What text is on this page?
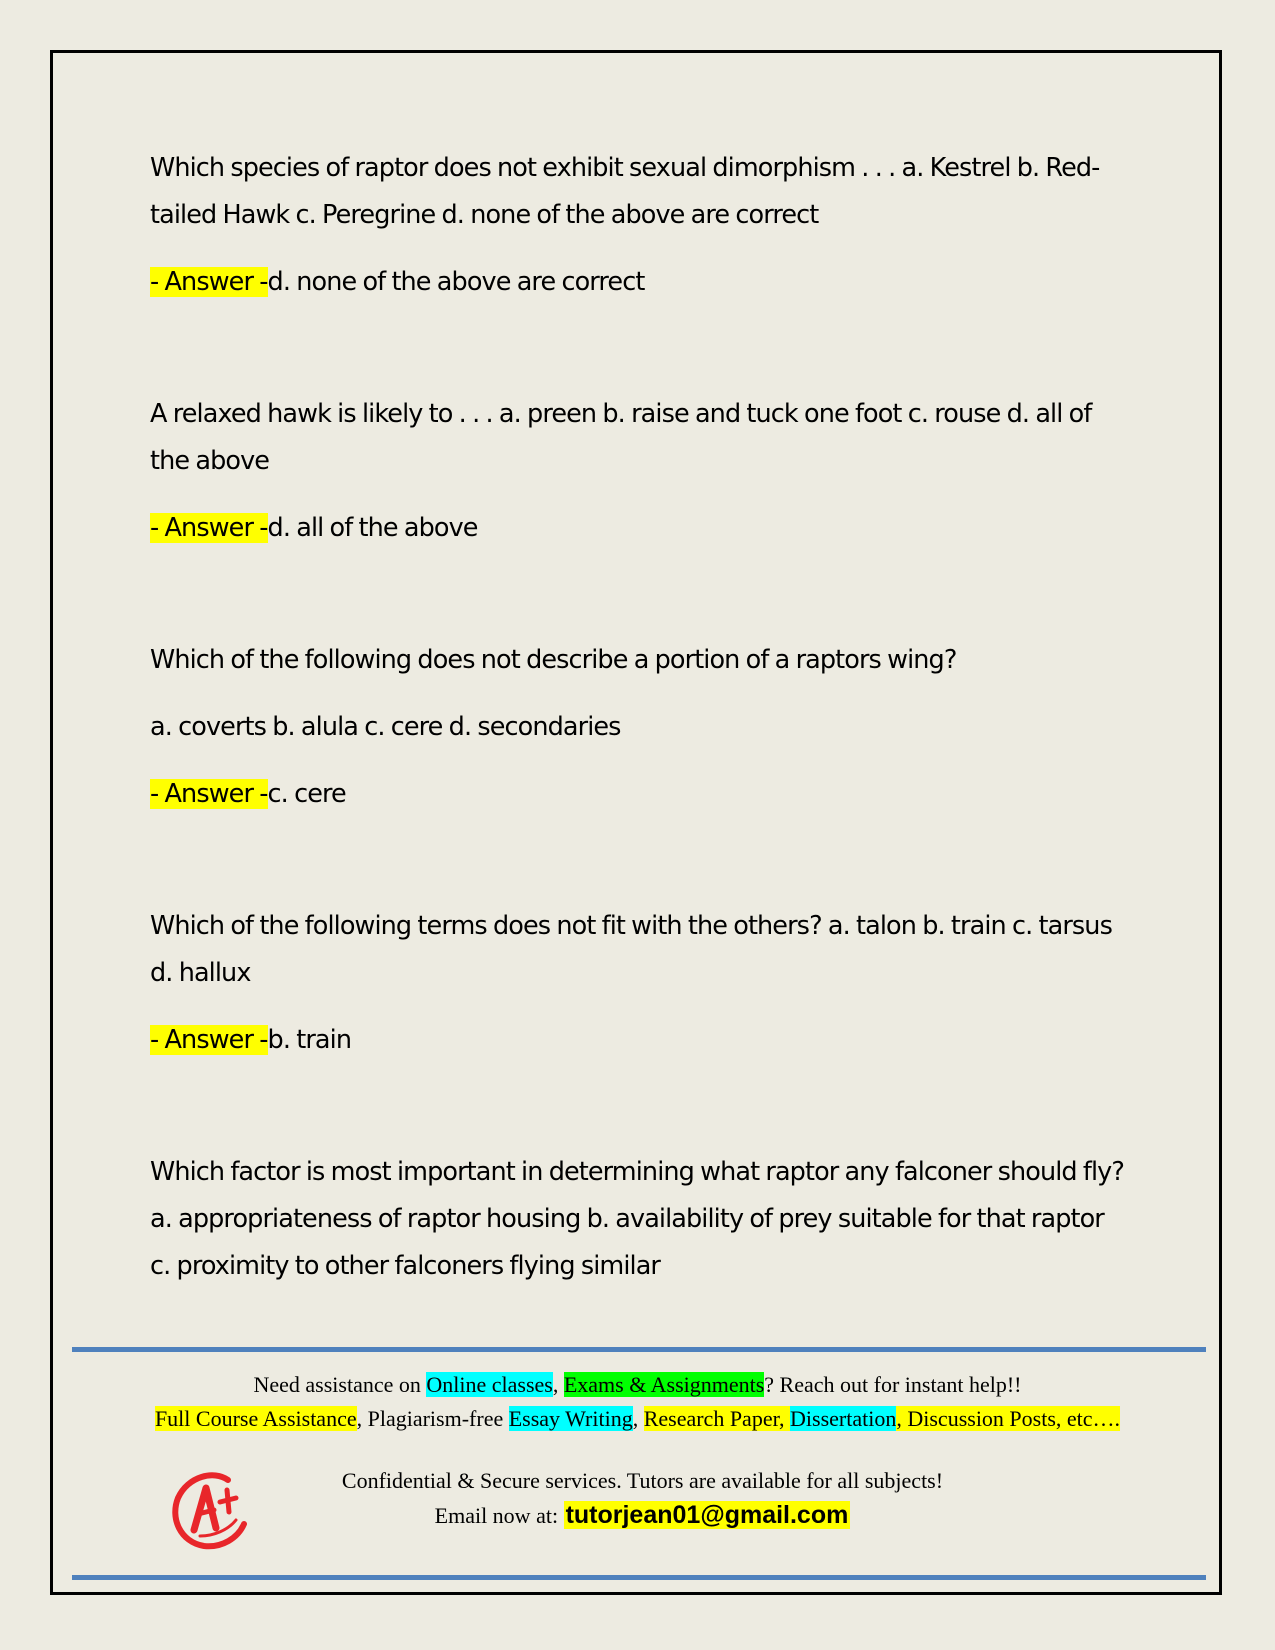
Which species of raptor does not exhibit sexual dimorphism . . . a. Kestrel b. Red-tailed Hawk c. Peregrine d. none of the above are correct

- Answer -d. none of the above are correct

A relaxed hawk is likely to . . . a. preen b. raise and tuck one foot c. rouse d. all of the above

- Answer -d. all of the above

Which of the following does not describe a portion of a raptors wing?

a. coverts b. alula c. cere d. secondaries

- Answer -c. cere

Which of the following terms does not fit with the others? a. talon b. train c. tarsus d. hallux

- Answer -b. train

Which factor is most important in determining what raptor any falconer should fly? a. appropriateness of raptor housing b. availability of prey suitable for that raptor c. proximity to other falconers flying similar

Need assistance on Online classes, Exams & Assignments? Reach out for instant help!!
Full Course Assistance, Plagiarism-free Essay Writing, Research Paper, Dissertation, Discussion Posts, etc….
Confidential & Secure services. Tutors are available for all subjects!
Email now at: tutorjean01@gmail.com
